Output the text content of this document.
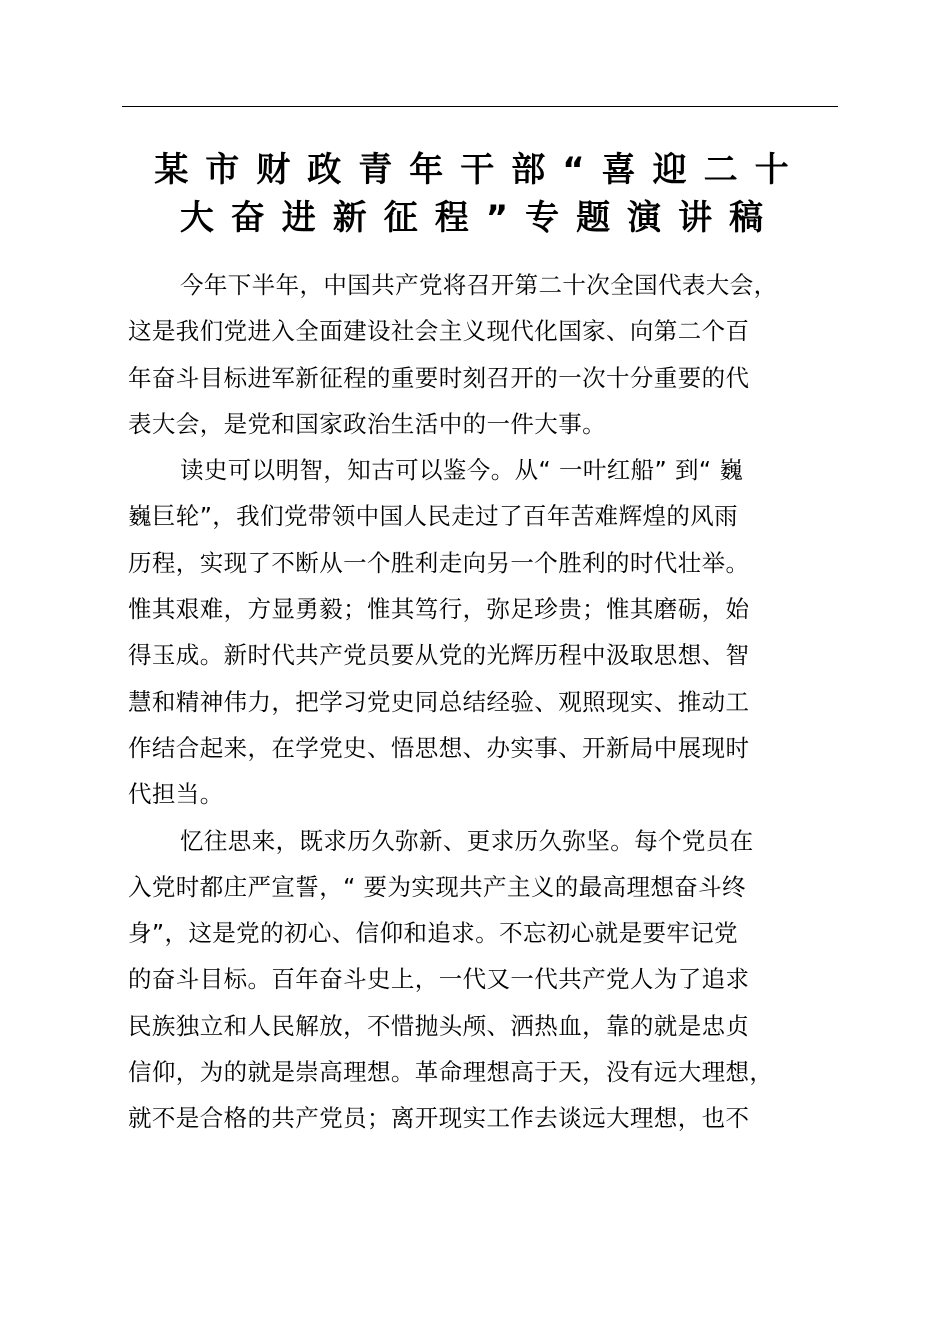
某市财政青年干部“喜迎二十
大奋进新征程”专题演讲稿

今年下半年，中国共产党将召开第二十次全国代表大会，
这是我们党进入全面建设社会主义现代化国家、向第二个百
年奋斗目标进军新征程的重要时刻召开的一次十分重要的代
表大会，是党和国家政治生活中的一件大事。

读史可以明智，知古可以鉴今。从“ 一叶红船” 到“ 巍
巍巨轮”，我们党带领中国人民走过了百年苦难辉煌的风雨
历程，实现了不断从一个胜利走向另一个胜利的时代壮举。
惟其艰难，方显勇毅；惟其笃行，弥足珍贵；惟其磨砺，始
得玉成。新时代共产党员要从党的光辉历程中汲取思想、智
慧和精神伟力，把学习党史同总结经验、观照现实、推动工
作结合起来，在学党史、悟思想、办实事、开新局中展现时
代担当。

忆往思来，既求历久弥新、更求历久弥坚。每个党员在
入党时都庄严宣誓，“ 要为实现共产主义的最高理想奋斗终
身”，这是党的初心、信仰和追求。不忘初心就是要牢记党
的奋斗目标。百年奋斗史上，一代又一代共产党人为了追求
民族独立和人民解放，不惜抛头颅、洒热血，靠的就是忠贞
信仰，为的就是崇高理想。革命理想高于天，没有远大理想，
就不是合格的共产党员；离开现实工作去谈远大理想，也不
